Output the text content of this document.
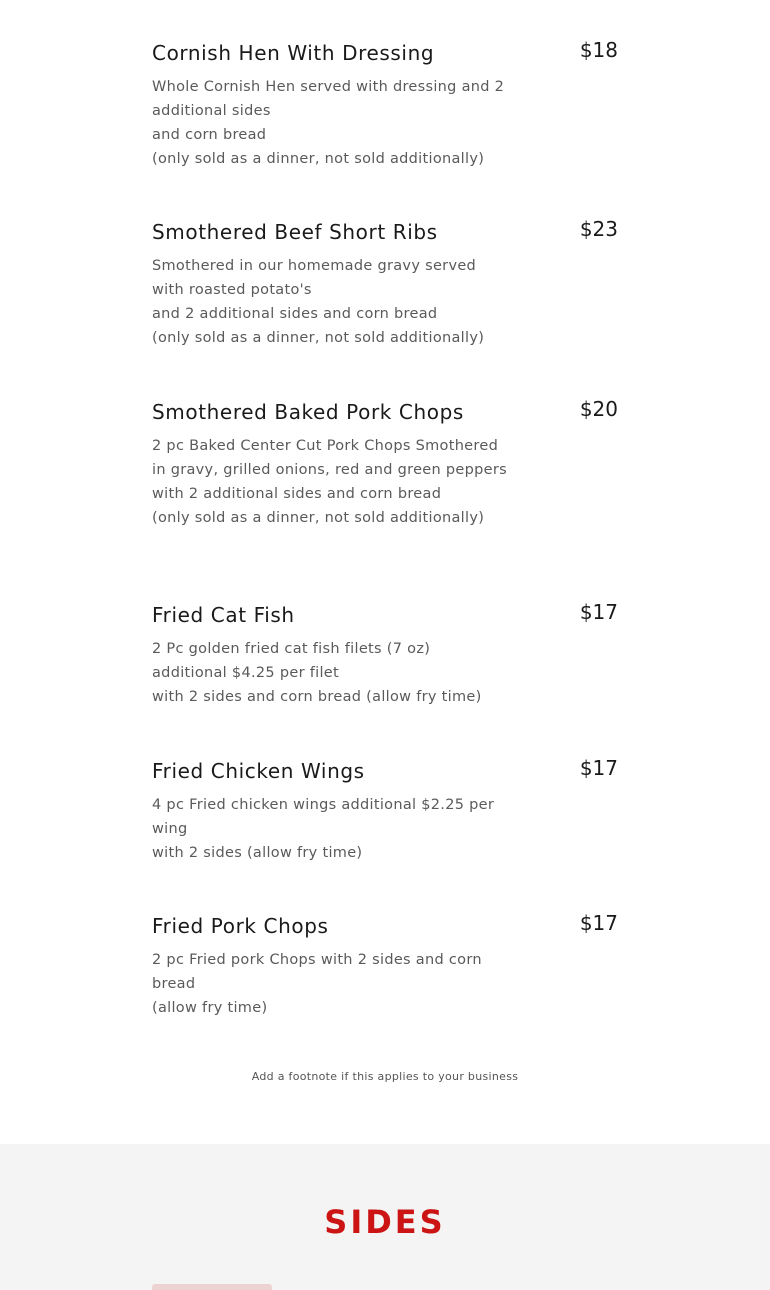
Cornish Hen With Dressing	$18
Whole Cornish Hen served with dressing and 2
additional sides
and corn bread
(only sold as a dinner, not sold additionally)
Smothered Beef Short Ribs	$23
Smothered in our homemade gravy served
with roasted potato's
and 2 additional sides and corn bread
(only sold as a dinner, not sold additionally)
Smothered Baked Pork Chops	$20
2 pc Baked Center Cut Pork Chops Smothered
in gravy, grilled onions, red and green peppers
with 2 additional sides and corn bread
(only sold as a dinner, not sold additionally)
Fried Cat Fish	$17
2 Pc golden fried cat fish filets (7 oz)
additional $4.25 per filet
with 2 sides and corn bread (allow fry time)
Fried Chicken Wings	$17
4 pc Fried chicken wings additional $2.25 per
wing
with 2 sides (allow fry time)
Fried Pork Chops	$17
2 pc Fried pork Chops with 2 sides and corn
bread
(allow fry time)
Add a footnote if this applies to your business
SIDES
